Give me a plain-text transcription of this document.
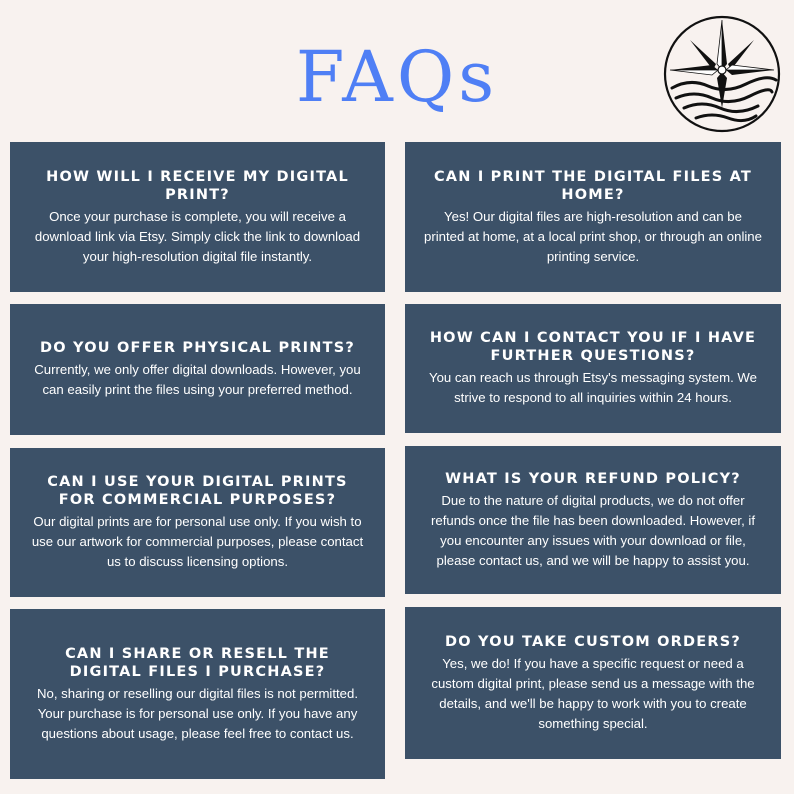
FAQs

HOW WILL I RECEIVE MY DIGITAL PRINT?

Once your purchase is complete, you will receive a download link via Etsy. Simply click the link to download your high-resolution digital file instantly.

DO YOU OFFER PHYSICAL PRINTS?

Currently, we only offer digital downloads. However, you can easily print the files using your preferred method.

CAN I USE YOUR DIGITAL PRINTS FOR COMMERCIAL PURPOSES?

Our digital prints are for personal use only. If you wish to use our artwork for commercial purposes, please contact us to discuss licensing options.

CAN I SHARE OR RESELL THE DIGITAL FILES I PURCHASE?

No, sharing or reselling our digital files is not permitted. Your purchase is for personal use only. If you have any questions about usage, please feel free to contact us.

CAN I PRINT THE DIGITAL FILES AT HOME?

Yes! Our digital files are high-resolution and can be printed at home, at a local print shop, or through an online printing service.

HOW CAN I CONTACT YOU IF I HAVE FURTHER QUESTIONS?

You can reach us through Etsy's messaging system. We strive to respond to all inquiries within 24 hours.

WHAT IS YOUR REFUND POLICY?

Due to the nature of digital products, we do not offer refunds once the file has been downloaded. However, if you encounter any issues with your download or file, please contact us, and we will be happy to assist you.

DO YOU TAKE CUSTOM ORDERS?

Yes, we do! If you have a specific request or need a custom digital print, please send us a message with the details, and we'll be happy to work with you to create something special.
